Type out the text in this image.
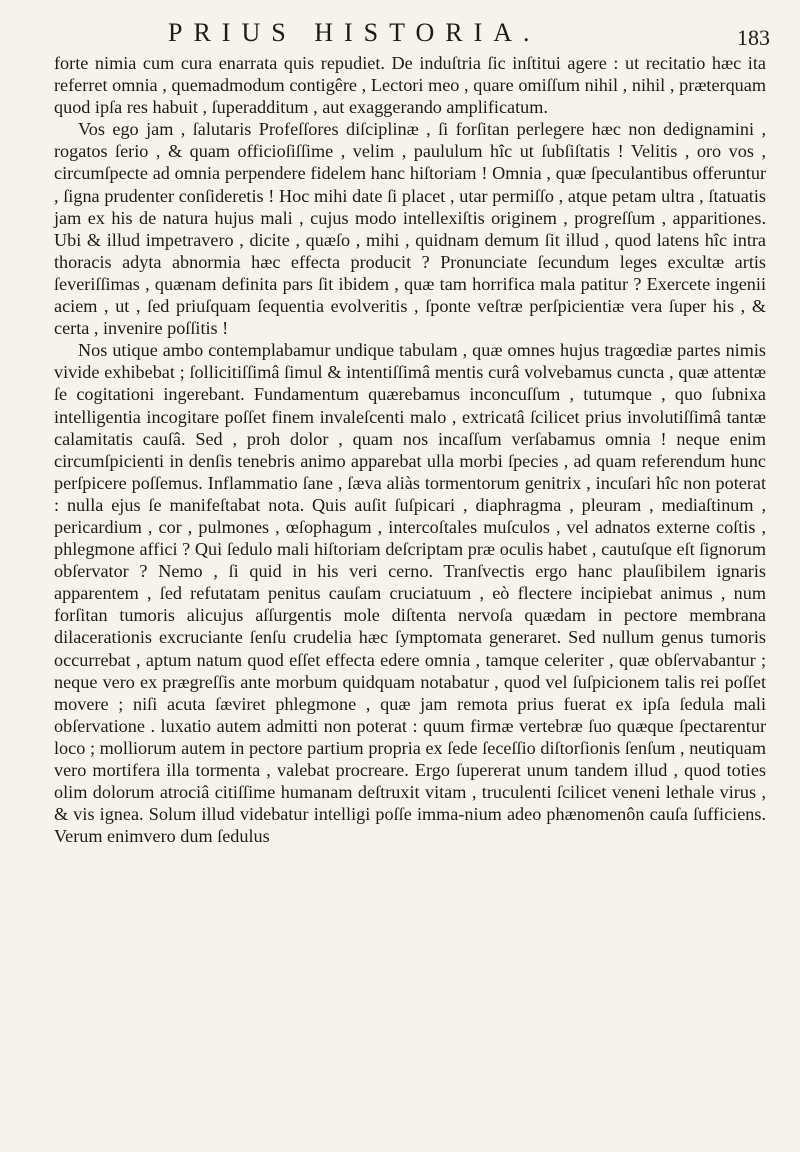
PRIUS HISTORIA.	183

forte nimia cum cura enarrata quis repudiet. De induſtria ſic inſtitui agere : ut recitatio hæc ita referret omnia , quemadmodum contigêre , Lectori meo , quare omiſſum nihil , nihil , præterquam quod ipſa res habuit , ſuperadditum , aut exaggerando amplificatum.

Vos ego jam , ſalutaris Profeſſores diſciplinæ , ſi forſitan perlegere hæc non dedignamini , rogatos ſerio , & quam officioſiſſime , velim , paululum hîc ut ſubſiſtatis ! Velitis , oro vos , circumſpecte ad omnia perpendere fidelem hanc hiſtoriam ! Omnia , quæ ſpeculantibus offeruntur , ſigna prudenter conſideretis ! Hoc mihi date ſi placet , utar permiſſo , atque petam ultra , ſtatuatis jam ex his de natura hujus mali , cujus modo intellexiſtis originem , progreſſum , apparitiones. Ubi & illud impetravero , dicite , quæſo , mihi , quidnam demum ſit illud , quod latens hîc intra thoracis adyta abnormia hæc effecta producit ? Pronunciate ſecundum leges excultæ artis ſeveriſſimas , quænam definita pars ſit ibidem , quæ tam horrifica mala patitur ? Exercete ingenii aciem , ut , ſed priuſquam ſequentia evolveritis , ſponte veſtræ perſpicientiæ vera ſuper his , & certa , invenire poſſitis !

Nos utique ambo contemplabamur undique tabulam , quæ omnes hujus tragœdiæ partes nimis vivide exhibebat ; ſollicitiſſimâ ſimul & intentiſſimâ mentis curâ volvebamus cuncta , quæ attentæ ſe cogitationi ingerebant. Fundamentum quærebamus inconcuſſum , tutumque , quo ſubnixa intelligentia incogitare poſſet finem invaleſcenti malo , extricatâ ſcilicet prius involutiſſimâ tantæ calamitatis cauſâ. Sed , proh dolor , quam nos incaſſum verſabamus omnia ! neque enim circumſpicienti in denſis tenebris animo apparebat ulla morbi ſpecies , ad quam referendum hunc perſpicere poſſemus. Inflammatio ſane , ſæva aliàs tormentorum genitrix , incuſari hîc non poterat : nulla ejus ſe manifeſtabat nota. Quis auſit ſuſpicari , diaphragma , pleuram , mediaſtinum , pericardium , cor , pulmones , œſophagum , intercoſtales muſculos , vel adnatos externe coſtis , phlegmone affici ? Qui ſedulo mali hiſtoriam deſcriptam præ oculis habet , cautuſque eſt ſignorum obſervator ? Nemo , ſi quid in his veri cerno. Tranſvectis ergo hanc plauſibilem ignaris apparentem , ſed refutatam penitus cauſam cruciatuum , eò flectere incipiebat animus , num forſitan tumoris alicujus aſſurgentis mole diſtenta nervoſa quædam in pectore membrana dilacerationis excruciante ſenſu crudelia hæc ſymptomata generaret. Sed nullum genus tumoris occurrebat , aptum natum quod eſſet effecta edere omnia , tamque celeriter , quæ obſervabantur ; neque vero ex prægreſſis ante morbum quidquam notabatur , quod vel ſuſpicionem talis rei poſſet movere ; niſi acuta ſæviret phlegmone , quæ jam remota prius fuerat ex ipſa ſedula mali obſervatione . luxatio autem admitti non poterat : quum firmæ vertebræ ſuo quæque ſpectarentur loco ; molliorum autem in pectore partium propria ex ſede ſeceſſio diſtorſionis ſenſum , neutiquam vero mortifera illa tormenta , valebat procreare. Ergo ſupererat unum tandem illud , quod toties olim dolorum atrociâ citiſſime humanam deſtruxit vitam , truculenti ſcilicet veneni lethale virus , & vis ignea. Solum illud videbatur intelligi poſſe imma-nium adeo phænomenôn cauſa ſufficiens. Verum enimvero dum ſedulus
